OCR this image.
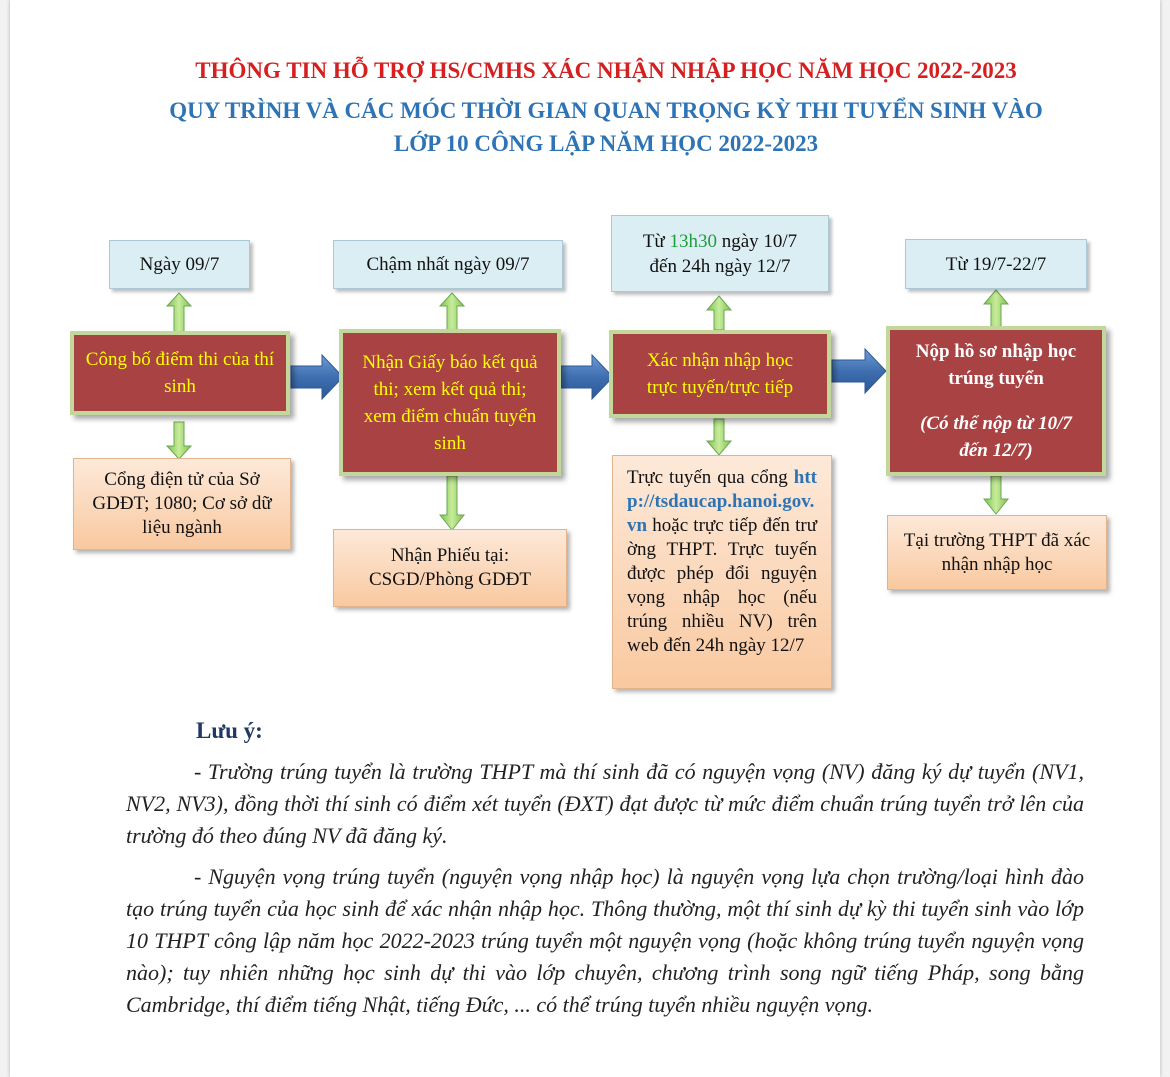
THÔNG TIN HỖ TRỢ HS/CMHS XÁC NHẬN NHẬP HỌC NĂM HỌC 2022-2023
QUY TRÌNH VÀ CÁC MÓC THỜI GIAN QUAN TRỌNG KỲ THI TUYỂN SINH VÀO
LỚP 10 CÔNG LẬP NĂM HỌC 2022-2023
Ngày 09/7
Công bố điểm thi của thí sinh
Cổng điện tử của Sở GDĐT; 1080; Cơ sở dữ liệu ngành
Chậm nhất ngày 09/7
Nhận Giấy báo kết quả thi; xem kết quả thi; xem điểm chuẩn tuyển sinh
Nhận Phiếu tại:
CSGD/Phòng GDĐT
Từ 13h30 ngày 10/7
đến 24h ngày 12/7
Xác nhận nhập học trực tuyến/trực tiếp
Trực tuyến qua cổng http://tsdaucap.hanoi.gov.vn hoặc trực tiếp đến trường THPT. Trực tuyến được phép đổi nguyện vọng nhập học (nếu trúng nhiều NV) trên web đến 24h ngày 12/7
Từ 19/7-22/7
Nộp hồ sơ nhập học trúng tuyển
(Có thể nộp từ 10/7 đến 12/7)
Tại trường THPT đã xác nhận nhập học
Lưu ý:
- Trường trúng tuyển là trường THPT mà thí sinh đã có nguyện vọng (NV) đăng ký dự tuyển (NV1, NV2, NV3), đồng thời thí sinh có điểm xét tuyển (ĐXT) đạt được từ mức điểm chuẩn trúng tuyển trở lên của trường đó theo đúng NV đã đăng ký.
- Nguyện vọng trúng tuyển (nguyện vọng nhập học) là nguyện vọng lựa chọn trường/loại hình đào tạo trúng tuyển của học sinh để xác nhận nhập học. Thông thường, một thí sinh dự kỳ thi tuyển sinh vào lớp 10 THPT công lập năm học 2022-2023 trúng tuyển một nguyện vọng (hoặc không trúng tuyển nguyện vọng nào); tuy nhiên những học sinh dự thi vào lớp chuyên, chương trình song ngữ tiếng Pháp, song bằng Cambridge, thí điểm tiếng Nhật, tiếng Đức, ... có thể trúng tuyển nhiều nguyện vọng.
